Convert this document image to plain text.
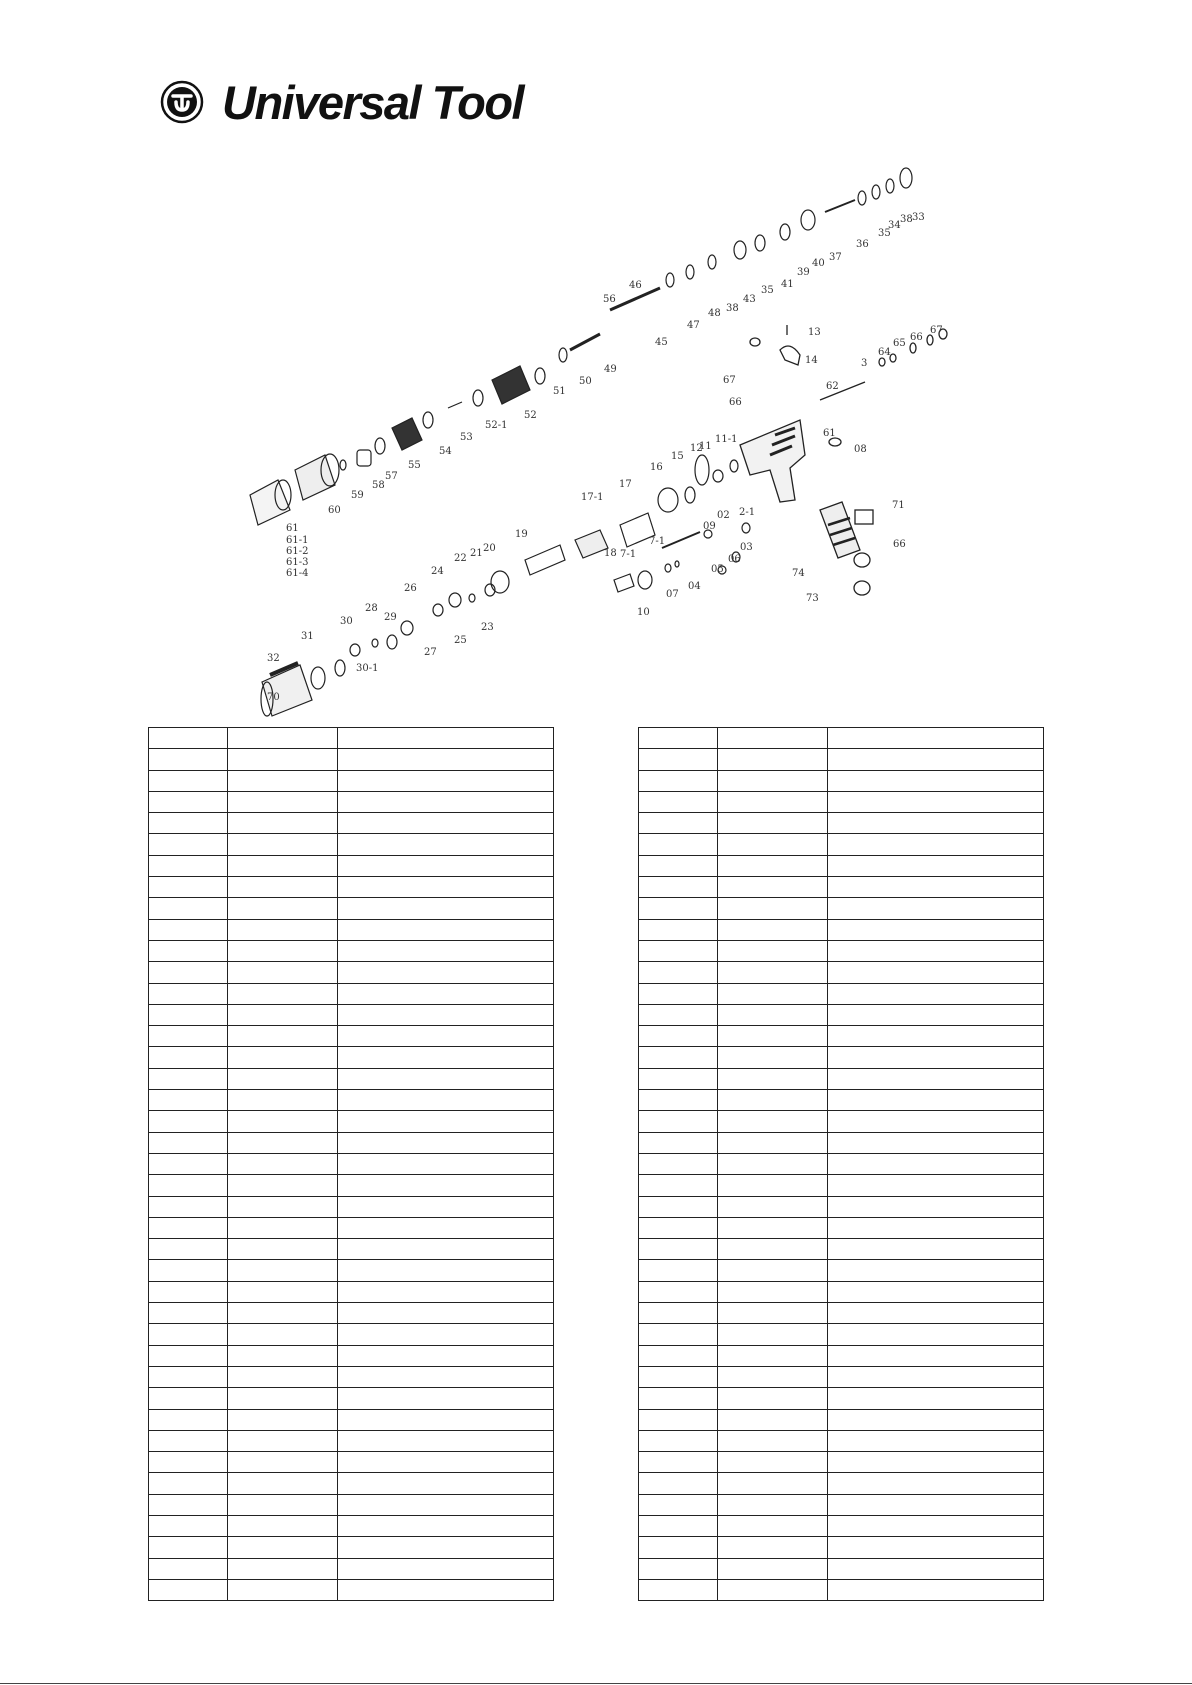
Universal Tool
33
38
34
35
36
37
40
39
41
35
43
38
48
47
45
46
56
49
50
51
52
52-1
53
54
55
57
58
59
60
61
61-1
61-2
61-3
61-4
13
14	3
64
65
66
67
67
66
62
61
08
11-1
11
12
15
16
17
17-1
18 7-1
7-1
09
02 2-1
03
06
05
04
07
10
19
20
21
22
23
24
25
26
27
28
29
30
31
30-1
32
70
71
74
66
73
